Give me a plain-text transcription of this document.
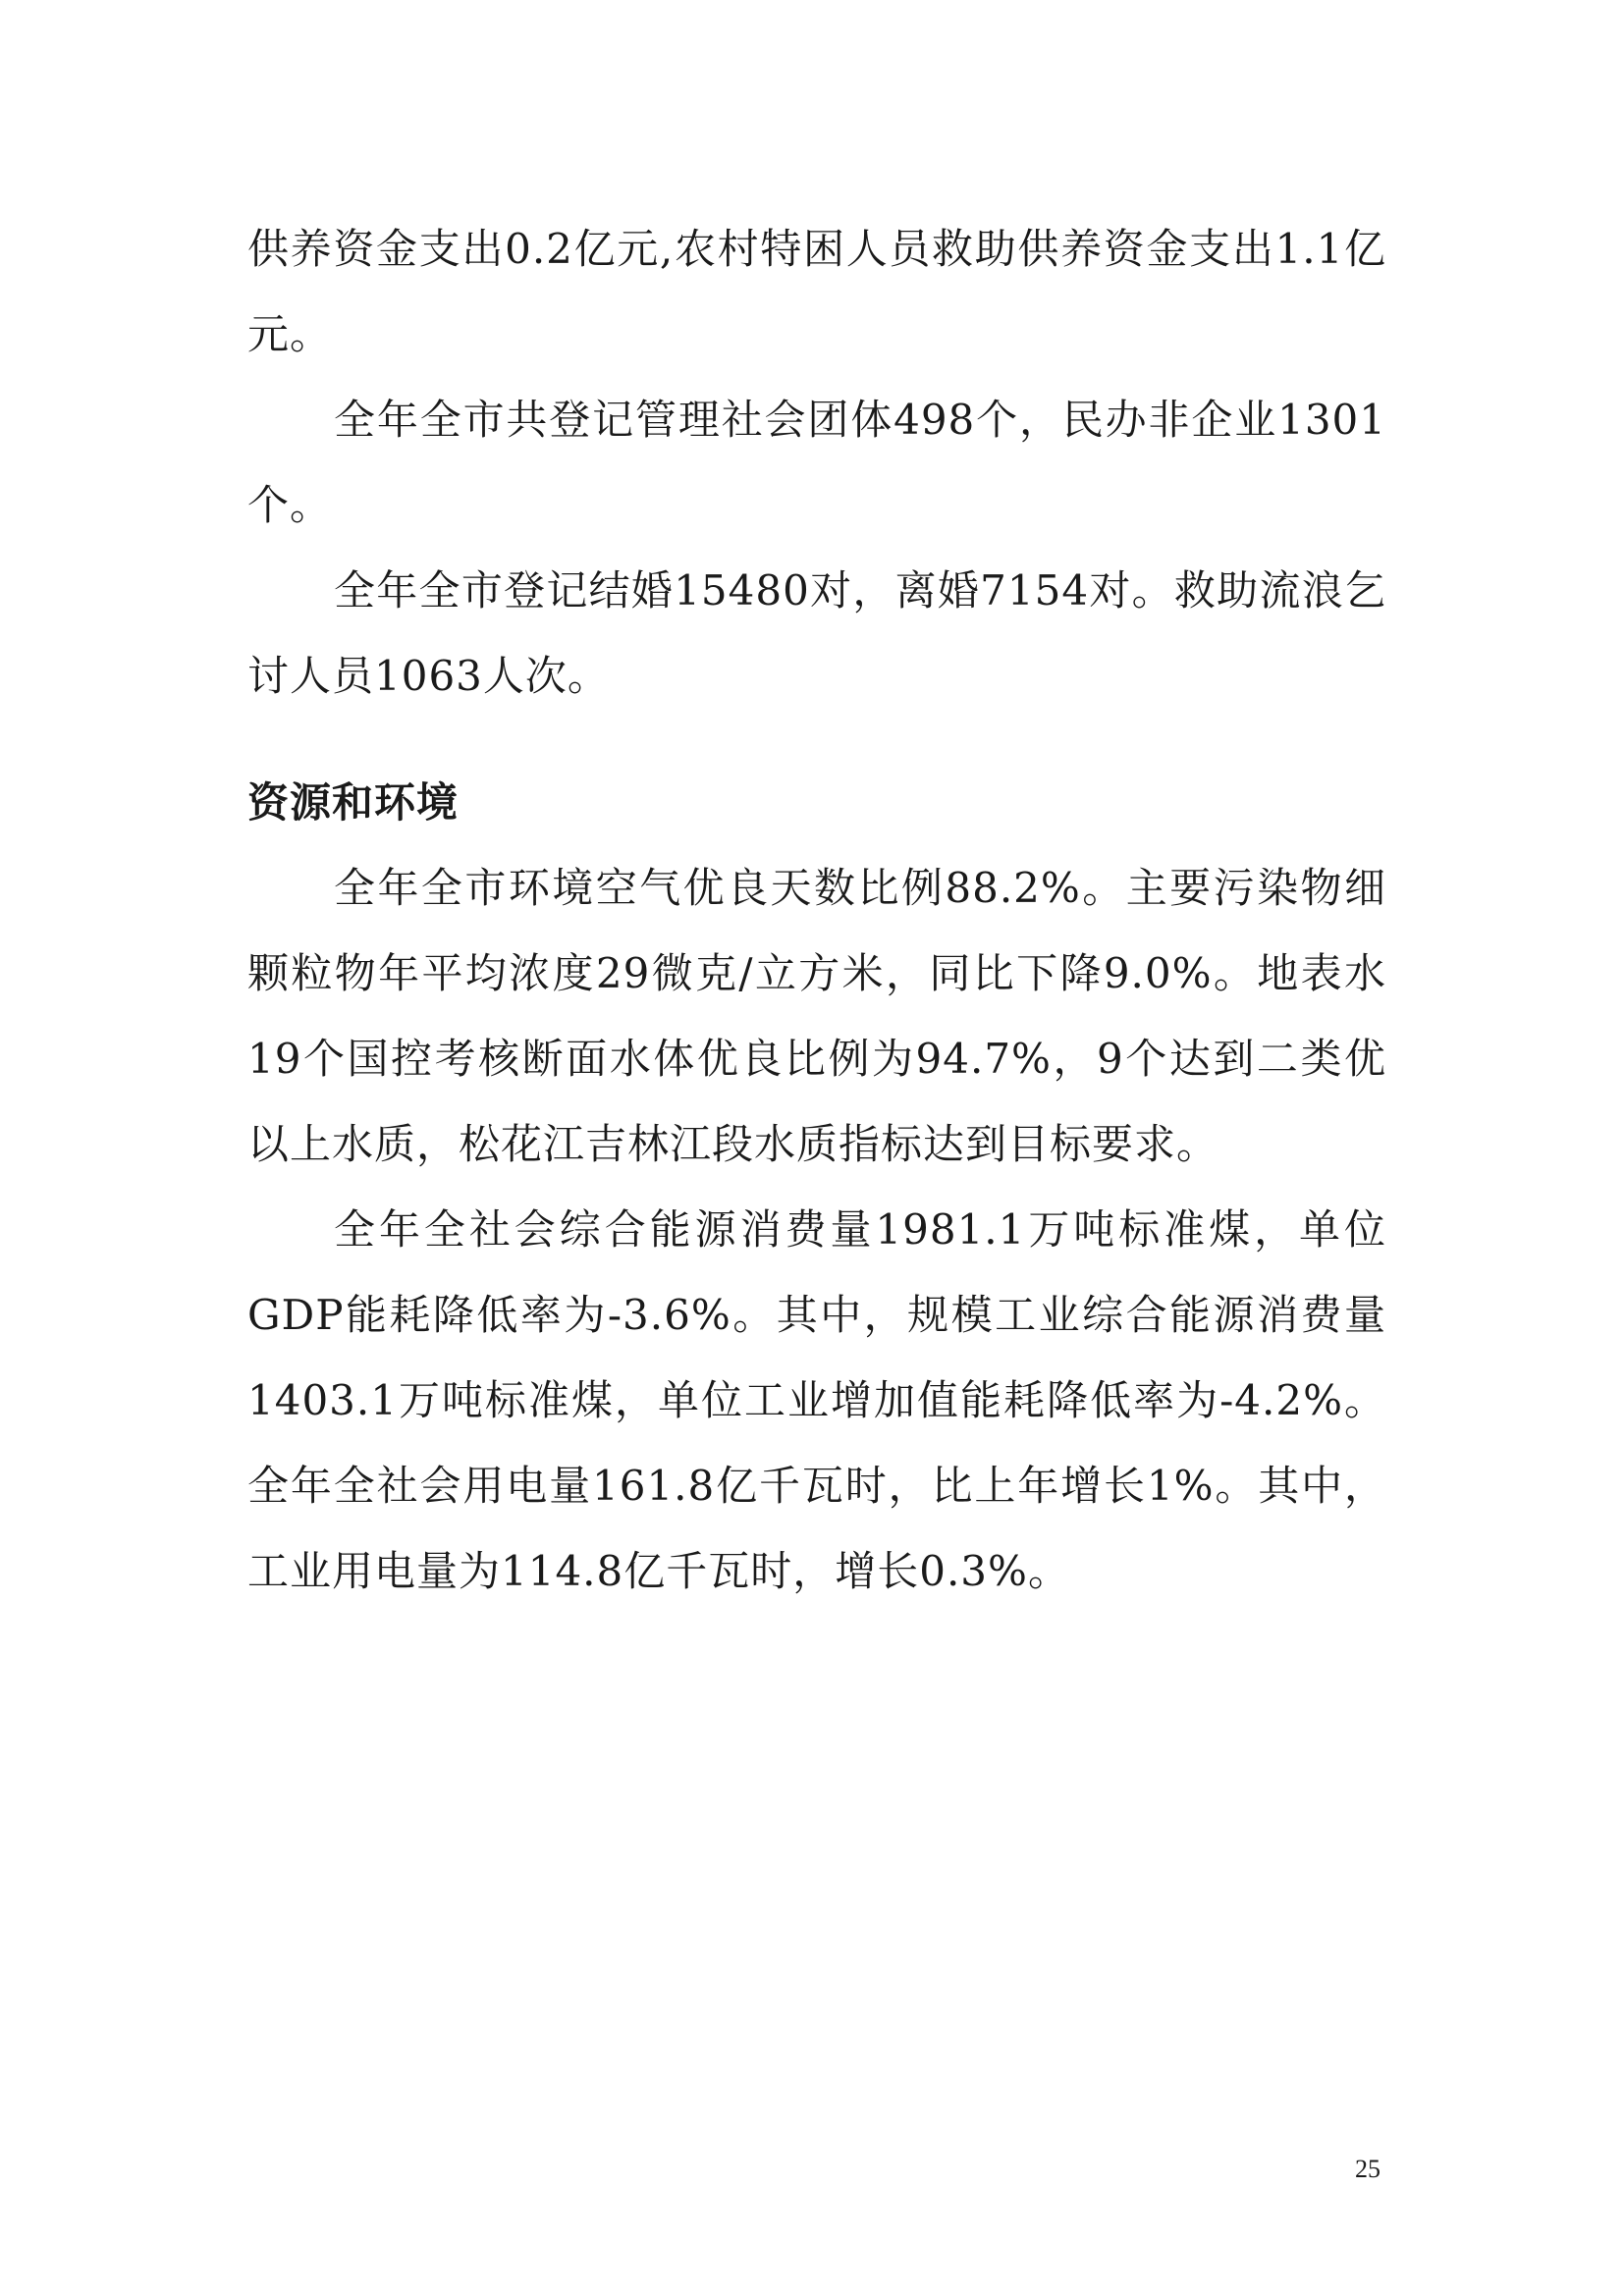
供养资金支出0.2亿元,农村特困人员救助供养资金支出1.1亿元。

全年全市共登记管理社会团体498个，民办非企业1301个。

全年全市登记结婚15480对，离婚7154对。救助流浪乞讨人员1063人次。

资源和环境

全年全市环境空气优良天数比例88.2%。主要污染物细颗粒物年平均浓度29微克/立方米，同比下降9.0%。地表水19个国控考核断面水体优良比例为94.7%，9个达到二类优以上水质，松花江吉林江段水质指标达到目标要求。

全年全社会综合能源消费量1981.1万吨标准煤，单位GDP能耗降低率为-3.6%。其中，规模工业综合能源消费量1403.1万吨标准煤，单位工业增加值能耗降低率为-4.2%。全年全社会用电量161.8亿千瓦时，比上年增长1%。其中，工业用电量为114.8亿千瓦时，增长0.3%。

25
